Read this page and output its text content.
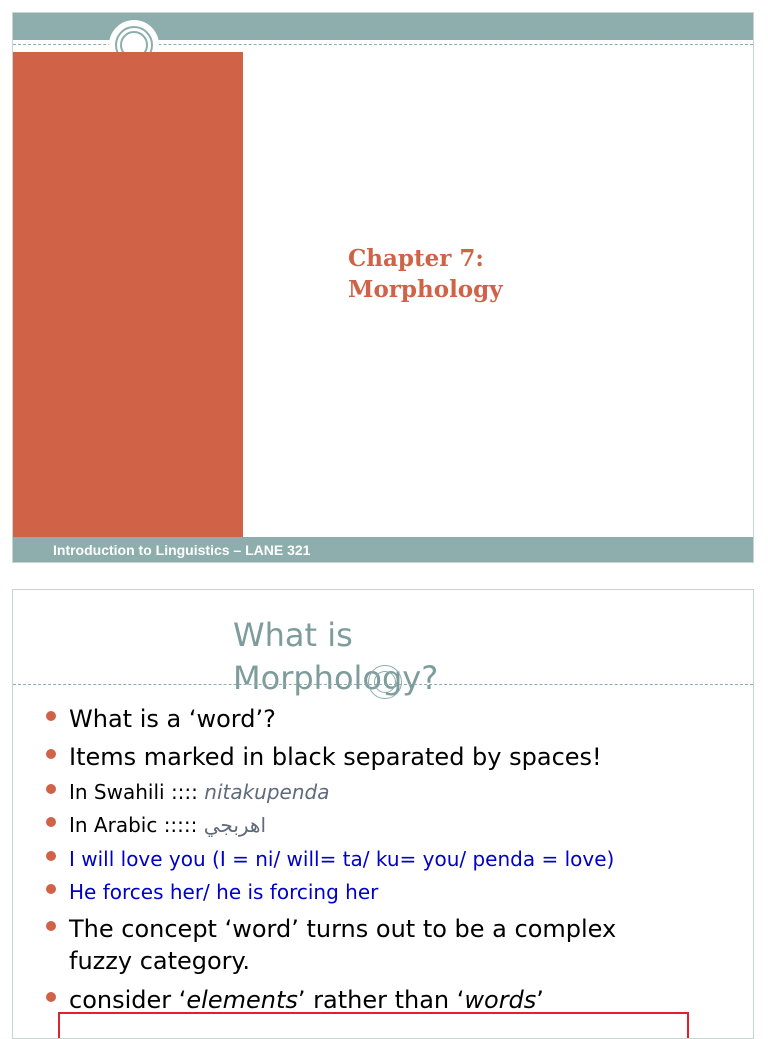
Chapter 7:
Morphology
Introduction to Linguistics – LANE 321
What is
Morphology?
What is a ‘word’?
Items marked in black separated by spaces!
In Swahili :::: nitakupenda
In Arabic ::::: اهربجي
I will love you (I = ni/ will= ta/ ku= you/ penda = love)
He forces her/ he is forcing her
The concept ‘word’ turns out to be a complex
fuzzy category.
consider ‘elements’ rather than ‘words’
